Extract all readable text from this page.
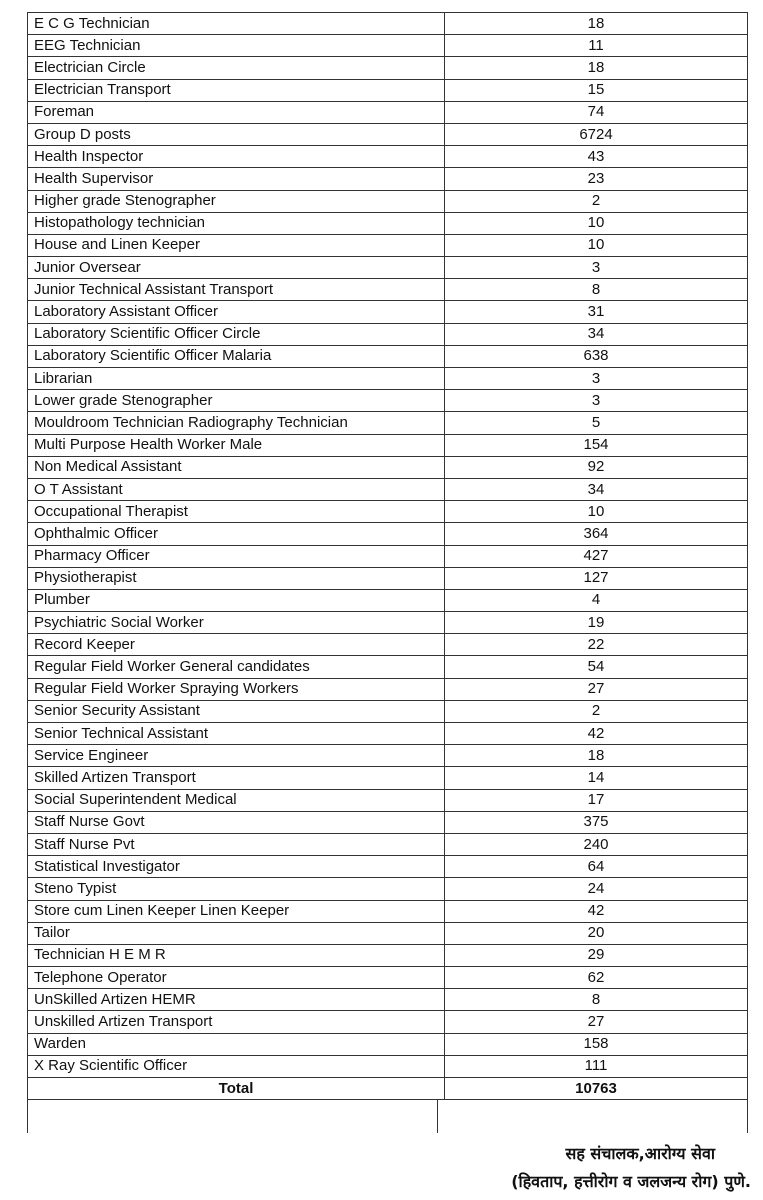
E C G Technician	18
EEG Technician	11
Electrician Circle	18
Electrician Transport	15
Foreman	74
Group D posts	6724
Health Inspector	43
Health Supervisor	23
Higher grade Stenographer	2
Histopathology technician	10
House and Linen Keeper	10
Junior Oversear	3
Junior Technical Assistant Transport	8
Laboratory Assistant Officer	31
Laboratory Scientific Officer Circle	34
Laboratory Scientific Officer Malaria	638
Librarian	3
Lower grade Stenographer	3
Mouldroom Technician Radiography Technician	5
Multi Purpose Health Worker Male	154
Non Medical Assistant	92
O T Assistant	34
Occupational Therapist	10
Ophthalmic Officer	364
Pharmacy Officer	427
Physiotherapist	127
Plumber	4
Psychiatric Social Worker	19
Record Keeper	22
Regular Field Worker General candidates	54
Regular Field Worker Spraying Workers	27
Senior Security Assistant	2
Senior Technical Assistant	42
Service Engineer	18
Skilled Artizen Transport	14
Social Superintendent Medical	17
Staff Nurse Govt	375
Staff Nurse Pvt	240
Statistical Investigator	64
Steno Typist	24
Store cum Linen Keeper Linen Keeper	42
Tailor	20
Technician H E M R	29
Telephone Operator	62
UnSkilled Artizen HEMR	8
Unskilled Artizen Transport	27
Warden	158
X Ray Scientific Officer	111
Total	10763
सह संचालक,आरोग्य सेवा
(हिवताप, हत्तीरोग व जलजन्य रोग) पुणे.
